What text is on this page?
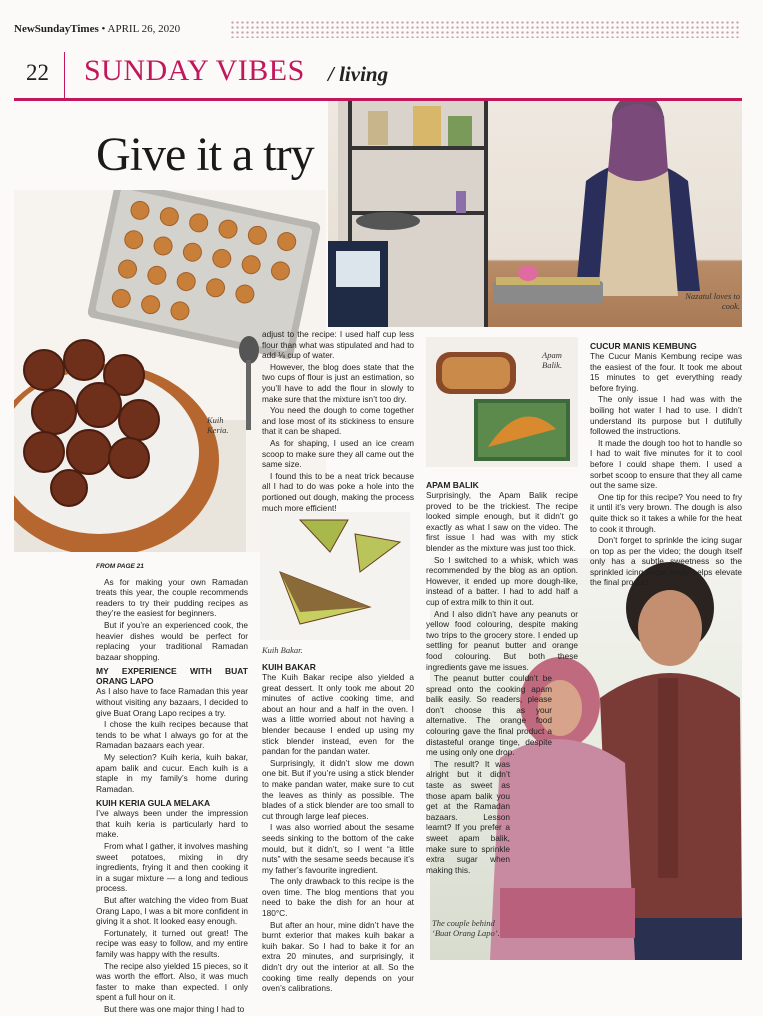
NewSundayTimes • APRIL 26, 2020
22 SUNDAY VIBES / living
Nazatul loves to cook.
Give it a try
Kuih Keria.
Apam Balik.
Kuih Bakar.
FROM PAGE 21

As for making your own Ramadan treats this year, the couple recommends readers to try their pudding recipes as they’re the easiest for beginners.

But if you’re an experienced cook, the heavier dishes would be perfect for replacing your traditional Ramadan bazaar shopping.

MY EXPERIENCE WITH BUAT ORANG LAPO

As I also have to face Ramadan this year without visiting any bazaars, I decided to give Buat Orang Lapo recipes a try.

I chose the kuih recipes because that tends to be what I always go for at the Ramadan bazaars each year.

My selection? Kuih keria, kuih bakar, apam balik and cucur. Each kuih is a staple in my family’s home during Ramadan.

KUIH KERIA GULA MELAKA

I’ve always been under the impression that kuih keria is particularly hard to make.

From what I gather, it involves mashing sweet potatoes, mixing in dry ingredients, frying it and then cooking it in a sugar mixture — a long and tedious process.

But after watching the video from Buat Orang Lapo, I was a bit more confident in giving it a shot. It looked easy enough.

Fortunately, it turned out great! The recipe was easy to follow, and my entire family was happy with the results.

The recipe also yielded 15 pieces, so it was worth the effort. Also, it was much faster to make than expected. I only spent a full hour on it.

But there was one major thing I had to

adjust to the recipe: I used half cup less flour than what was stipulated and had to add ⅛ cup of water.

However, the blog does state that the two cups of flour is just an estimation, so you’ll have to add the flour in slowly to make sure that the mixture isn’t too dry.

You need the dough to come together and lose most of its stickiness to ensure that it can be shaped.

As for shaping, I used an ice cream scoop to make sure they all came out the same size.

I found this to be a neat trick because all I had to do was poke a hole into the portioned out dough, making the process much more efficient!

KUIH BAKAR

The Kuih Bakar recipe also yielded a great dessert. It only took me about 20 minutes of active cooking time, and about an hour and a half in the oven. I was a little worried about not having a blender because I ended up using my stick blender instead, even for the pandan for the pandan water.

Surprisingly, it didn’t slow me down one bit. But if you’re using a stick blender to make pandan water, make sure to cut the leaves as thinly as possible. The blades of a stick blender are too small to cut through large leaf pieces.

I was also worried about the sesame seeds sinking to the bottom of the cake mould, but it didn’t, so I went “a little nuts” with the sesame seeds because it’s my father’s favourite ingredient.

The only drawback to this recipe is the oven time. The blog mentions that you need to bake the dish for an hour at 180°C.

But after an hour, mine didn’t have the burnt exterior that makes kuih bakar a kuih bakar. So I had to bake it for an extra 20 minutes, and surprisingly, it didn’t dry out the interior at all. So the cooking time really depends on your oven’s calibrations.

APAM BALIK

Surprisingly, the Apam Balik recipe proved to be the trickiest. The recipe looked simple enough, but it didn’t go exactly as what I saw on the video. The first issue I had was with my stick blender as the mixture was just too thick.

So I switched to a whisk, which was recommended by the blog as an option. However, it ended up more dough-like, instead of a batter. I had to add half a cup of extra milk to thin it out.

And I also didn’t have any peanuts or yellow food colouring, despite making two trips to the grocery store. I ended up settling for peanut butter and orange food colouring. But both these ingredients gave me issues.

The peanut butter couldn’t be spread onto the cooking apam balik easily. So readers, please don’t choose this as your alternative. The orange food colouring gave the final product a distasteful orange tinge, despite me using only one drop.

The result? It was alright but it didn’t taste as sweet as those apam balik you get at the Ramadan bazaars. Lesson learnt? If you prefer a sweet apam balik, make sure to sprinkle extra sugar when making this.

CUCUR MANIS KEMBUNG

The Cucur Manis Kembung recipe was the easiest of the four. It took me about 15 minutes to get everything ready before frying.

The only issue I had was with the boiling hot water I had to use. I didn’t understand its purpose but I dutifully followed the instructions.

It made the dough too hot to handle so I had to wait five minutes for it to cool before I could shape them. I used a sorbet scoop to ensure that they all came out the same size.

One tip for this recipe? You need to fry it until it’s very brown. The dough is also quite thick so it takes a while for the heat to cook it through.

Don’t forget to sprinkle the icing sugar on top as per the video; the dough itself only has a subtle sweetness so the sprinkled icing sugar really helps elevate the final product.

The couple behind ‘Buat Orang Lapo’.
